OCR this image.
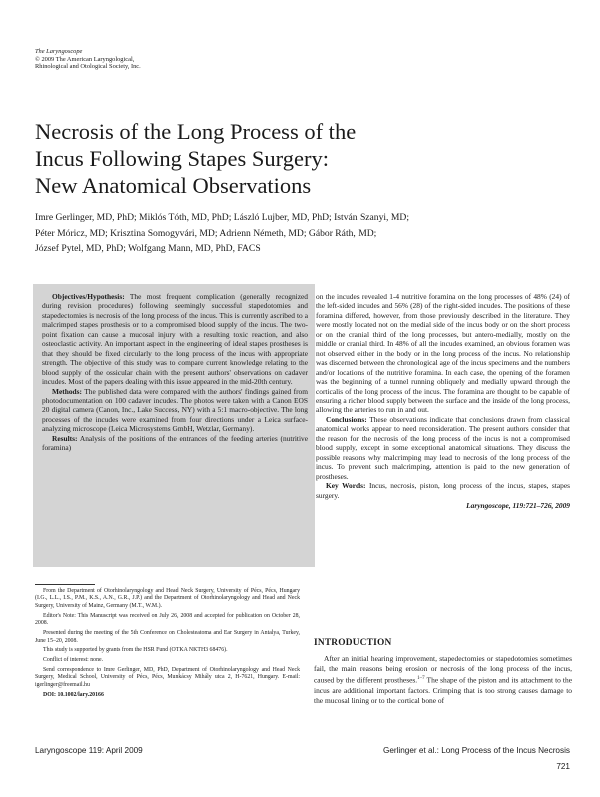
The Laryngoscope
© 2009 The American Laryngological,
Rhinological and Otological Society, Inc.
Necrosis of the Long Process of the
Incus Following Stapes Surgery:
New Anatomical Observations
Imre Gerlinger, MD, PhD; Miklós Tóth, MD, PhD; László Lujber, MD, PhD; István Szanyi, MD;
Péter Móricz, MD; Krisztina Somogyvári, MD; Adrienn Németh, MD; Gábor Ráth, MD;
József Pytel, MD, PhD; Wolfgang Mann, MD, PhD, FACS

Objectives/Hypothesis: The most frequent complication (generally recognized during revision procedures) following seemingly successful stapedotomies and stapedectomies is necrosis of the long process of the incus. This is currently ascribed to a malcrimped stapes prosthesis or to a compromised blood supply of the incus. The two-point fixation can cause a mucosal injury with a resulting toxic reaction, and also osteoclastic activity. An important aspect in the engineering of ideal stapes prostheses is that they should be fixed circularly to the long process of the incus with appropriate strength. The objective of this study was to compare current knowledge relating to the blood supply of the ossicular chain with the present authors' observations on cadaver incudes. Most of the papers dealing with this issue appeared in the mid-20th century.

Methods: The published data were compared with the authors' findings gained from photodocumentation on 100 cadaver incudes. The photos were taken with a Canon EOS 20 digital camera (Canon, Inc., Lake Success, NY) with a 5:1 macro-objective. The long processes of the incudes were examined from four directions under a Leica surface-analyzing microscope (Leica Microsystems GmbH, Wetzlar, Germany).

Results: Analysis of the positions of the entrances of the feeding arteries (nutritive foramina)

on the incudes revealed 1-4 nutritive foramina on the long processes of 48% (24) of the left-sided incudes and 56% (28) of the right-sided incudes. The positions of these foramina differed, however, from those previously described in the literature. They were mostly located not on the medial side of the incus body or on the short process or on the cranial third of the long processes, but antero-medially, mostly on the middle or cranial third. In 48% of all the incudes examined, an obvious foramen was not observed either in the body or in the long process of the incus. No relationship was discerned between the chronological age of the incus specimens and the numbers and/or locations of the nutritive foramina. In each case, the opening of the foramen was the beginning of a tunnel running obliquely and medially upward through the corticalis of the long process of the incus. The foramina are thought to be capable of ensuring a richer blood supply between the surface and the inside of the long process, allowing the arteries to run in and out.

Conclusions: These observations indicate that conclusions drawn from classical anatomical works appear to need reconsideration. The present authors consider that the reason for the necrosis of the long process of the incus is not a compromised blood supply, except in some exceptional anatomical situations. They discuss the possible reasons why malcrimping may lead to necrosis of the long process of the incus. To prevent such malcrimping, attention is paid to the new generation of prostheses.

Key Words: Incus, necrosis, piston, long process of the incus, stapes, stapes surgery.

Laryngoscope, 119:721–726, 2009

From the Department of Otorhinolaryngology and Head Neck Surgery, University of Pécs, Pécs, Hungary (I.G., L.L., I.S., P.M., K.S., A.N., G.R., J.P.) and the Department of Otorhinolaryngology and Head and Neck Surgery, University of Mainz, Germany (M.T., W.M.).

Editor's Note: This Manuscript was received on July 26, 2008 and accepted for publication on October 28, 2008.

Presented during the meeting of the 5th Conference on Cholesteatoma and Ear Surgery in Antalya, Turkey, June 15–20, 2008.

This study is supported by grants from the HSR Fund (OTKA NKTH3 68476).

Conflict of interest: none.

Send correspondence to Imre Gerlinger, MD, PhD, Department of Otorhinolaryngology and Head Neck Surgery, Medical School, University of Pécs, Pécs, Munkácsy Mihály utca 2, H-7621, Hungary. E-mail: igerlinger@freemail.hu

DOI: 10.1002/lary.20166

INTRODUCTION

After an initial hearing improvement, stapedectomies or stapedotomies sometimes fail, the main reasons being erosion or necrosis of the long process of the incus, caused by the different prostheses.$^{1-7}$ The shape of the piston and its attachment to the incus are additional important factors. Crimping that is too strong causes damage to the mucosal lining or to the cortical bone of

Laryngoscope 119: April 2009	Gerlinger et al.: Long Process of the Incus Necrosis
721
